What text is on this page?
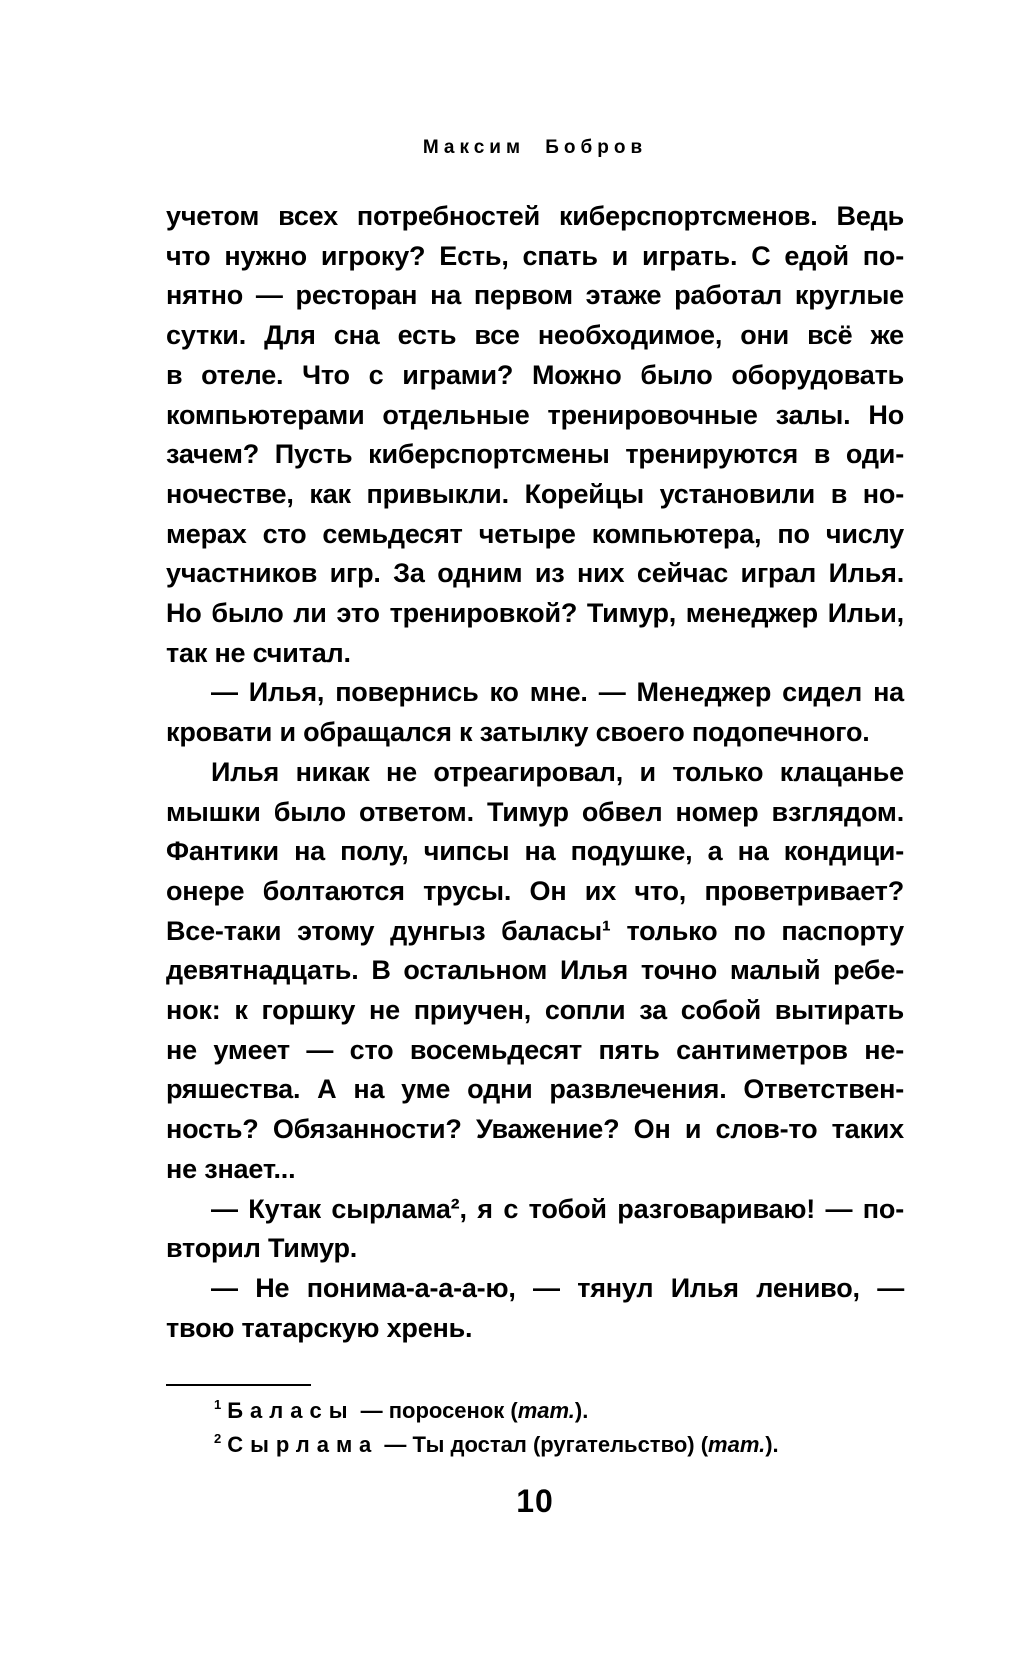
Максим Бобров
учетом всех потребностей киберспортсменов. Ведь
что нужно игроку? Есть, спать и играть. С едой по-
нятно — ресторан на первом этаже работал круглые
сутки. Для сна есть все необходимое, они всё же
в отеле. Что с играми? Можно было оборудовать
компьютерами отдельные тренировочные залы. Но
зачем? Пусть киберспортсмены тренируются в оди-
ночестве, как привыкли. Корейцы установили в но-
мерах сто семьдесят четыре компьютера, по числу
участников игр. За одним из них сейчас играл Илья.
Но было ли это тренировкой? Тимур, менеджер Ильи,
так не считал.
— Илья, повернись ко мне. — Менеджер сидел на
кровати и обращался к затылку своего подопечного.
Илья никак не отреагировал, и только клацанье
мышки было ответом. Тимур обвел номер взглядом.
Фантики на полу, чипсы на подушке, а на кондици-
онере болтаются трусы. Он их что, проветривает?
Все-таки этому дунгыз баласы¹ только по паспорту
девятнадцать. В остальном Илья точно малый ребе-
нок: к горшку не приучен, сопли за собой вытирать
не умеет — сто восемьдесят пять сантиметров не-
ряшества. А на уме одни развлечения. Ответствен-
ность? Обязанности? Уважение? Он и слов-то таких
не знает...
— Кутак сырлама², я с тобой разговариваю! — по-
вторил Тимур.
— Не понима-а-а-а-ю, — тянул Илья лениво, —
твою татарскую хрень.
1 Баласы — поросенок (тат.).
2 Сырлама — Ты достал (ругательство) (тат.).
10
